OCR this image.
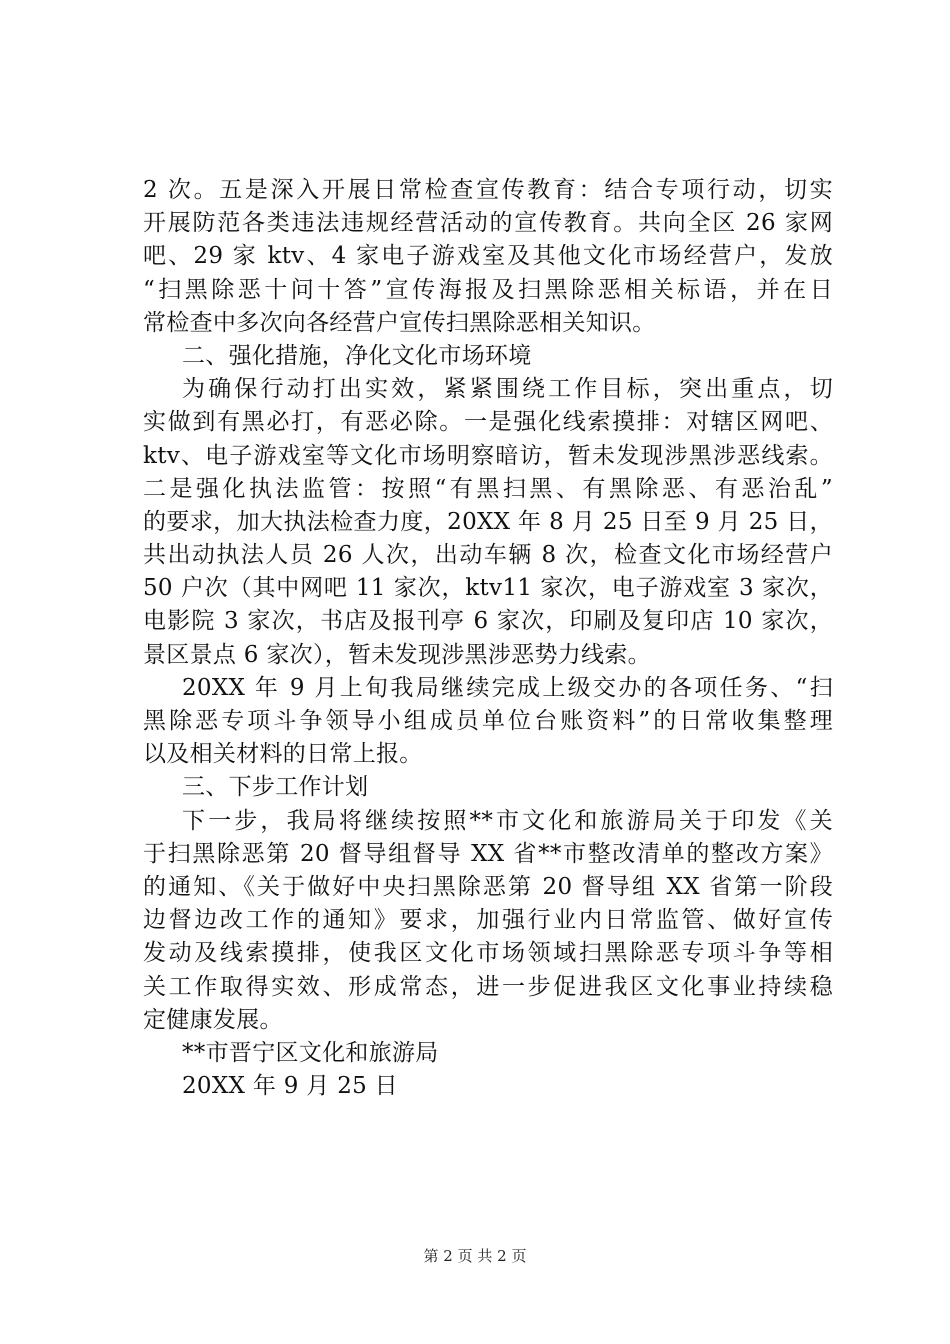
2 次。五是深入开展日常检查宣传教育：结合专项行动，切实
开展防范各类违法违规经营活动的宣传教育。共向全区 26 家网
吧、29 家 ktv、4 家电子游戏室及其他文化市场经营户，发放
“扫黑除恶十问十答”宣传海报及扫黑除恶相关标语，并在日
常检查中多次向各经营户宣传扫黑除恶相关知识。
二、强化措施，净化文化市场环境
为确保行动打出实效，紧紧围绕工作目标，突出重点，切
实做到有黑必打，有恶必除。一是强化线索摸排：对辖区网吧、
ktv、电子游戏室等文化市场明察暗访，暂未发现涉黑涉恶线索。
二是强化执法监管：按照“有黑扫黑、有黑除恶、有恶治乱”
的要求，加大执法检查力度，20XX 年 8 月 25 日至 9 月 25 日，
共出动执法人员 26 人次，出动车辆 8 次，检查文化市场经营户
50 户次（其中网吧 11 家次，ktv11 家次，电子游戏室 3 家次，
电影院 3 家次，书店及报刊亭 6 家次，印刷及复印店 10 家次，
景区景点 6 家次），暂未发现涉黑涉恶势力线索。
20XX 年 9 月上旬我局继续完成上级交办的各项任务、“扫
黑除恶专项斗争领导小组成员单位台账资料”的日常收集整理
以及相关材料的日常上报。
三、下步工作计划
下一步，我局将继续按照**市文化和旅游局关于印发《关
于扫黑除恶第 20 督导组督导 XX 省**市整改清单的整改方案》
的通知、《关于做好中央扫黑除恶第 20 督导组 XX 省第一阶段
边督边改工作的通知》要求，加强行业内日常监管、做好宣传
发动及线索摸排，使我区文化市场领域扫黑除恶专项斗争等相
关工作取得实效、形成常态，进一步促进我区文化事业持续稳
定健康发展。
**市晋宁区文化和旅游局
20XX 年 9 月 25 日
第 2 页 共 2 页
